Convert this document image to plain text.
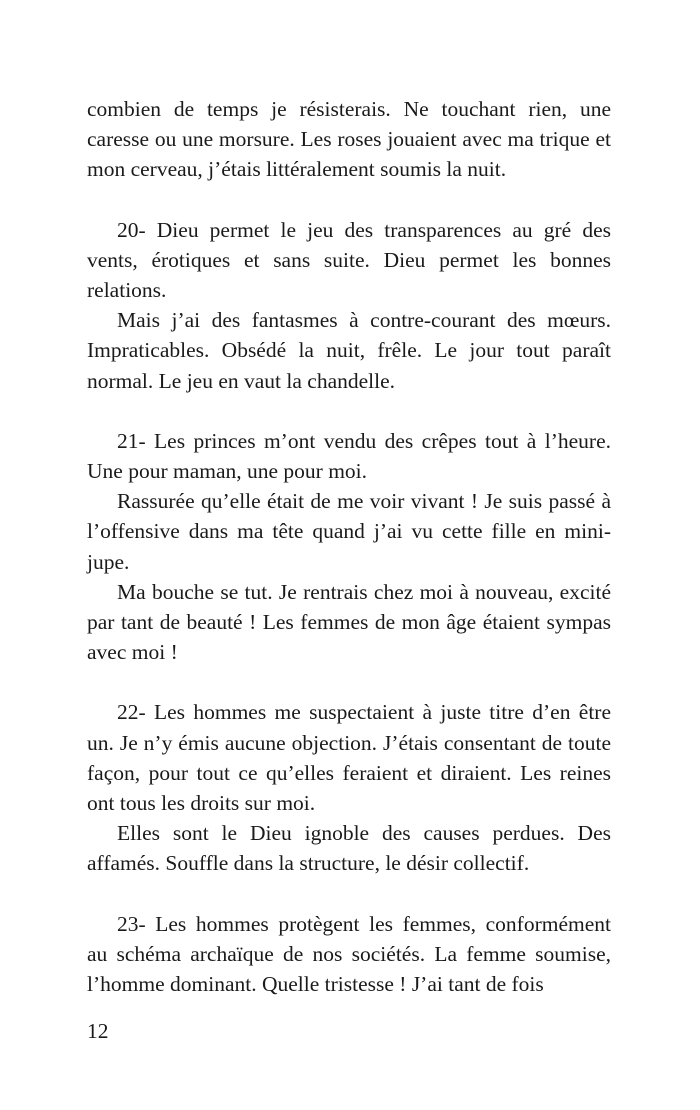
combien de temps je résisterais. Ne touchant rien, une caresse ou une morsure. Les roses jouaient avec ma trique et mon cerveau, j’étais littéralement soumis la nuit.

20- Dieu permet le jeu des transparences au gré des vents, érotiques et sans suite. Dieu permet les bonnes relations.

Mais j’ai des fantasmes à contre-courant des mœurs. Impraticables. Obsédé la nuit, frêle. Le jour tout paraît normal. Le jeu en vaut la chandelle.

21- Les princes m’ont vendu des crêpes tout à l’heure. Une pour maman, une pour moi.

Rassurée qu’elle était de me voir vivant ! Je suis passé à l’offensive dans ma tête quand j’ai vu cette fille en mini-jupe.

Ma bouche se tut. Je rentrais chez moi à nouveau, excité par tant de beauté ! Les femmes de mon âge étaient sympas avec moi !

22- Les hommes me suspectaient à juste titre d’en être un. Je n’y émis aucune objection. J’étais consentant de toute façon, pour tout ce qu’elles feraient et diraient. Les reines ont tous les droits sur moi.

Elles sont le Dieu ignoble des causes perdues. Des affamés. Souffle dans la structure, le désir collectif.

23- Les hommes protègent les femmes, conformément au schéma archaïque de nos sociétés. La femme soumise, l’homme dominant. Quelle tristesse ! J’ai tant de fois

12
